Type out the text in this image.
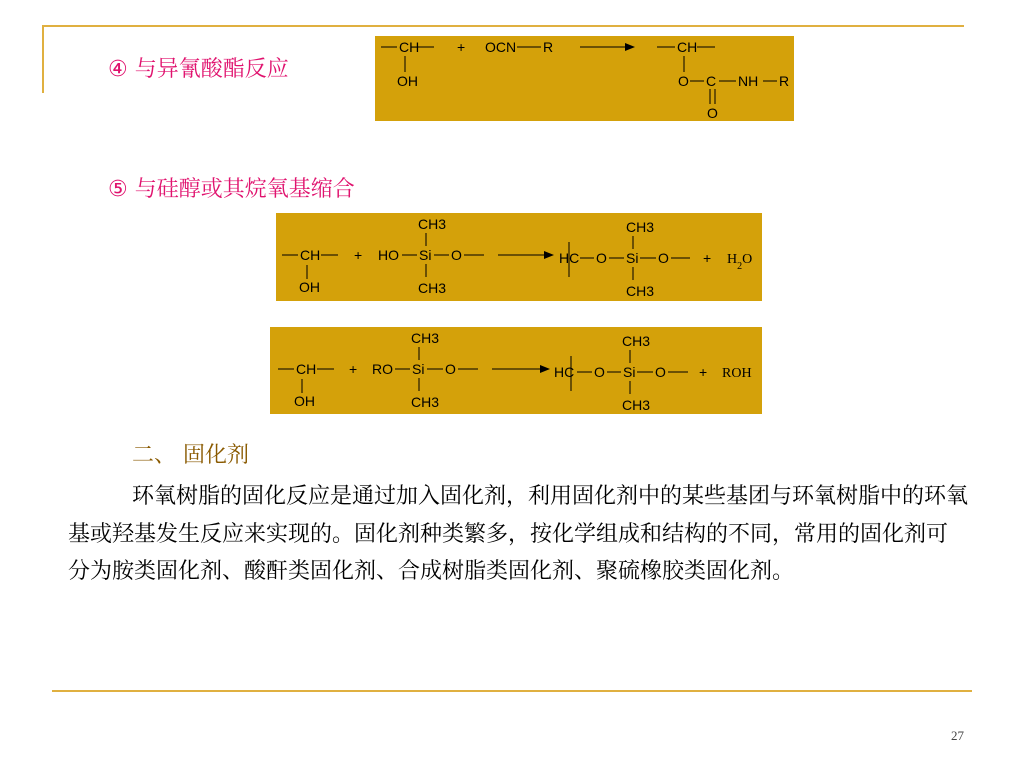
④ 与异氰酸酯反应
CH
OH
+ OCN R	CH
O C NH R
O
⑤ 与硅醇或其烷氧基缩合
CH
OH
+ HO Si O
CH3
CH3
HC O Si O
CH3
CH3
+ $H_2O$
CH
OH
+ RO Si O
CH3
CH3
HC O Si O
CH3
CH3
+ ROH
二、 固化剂

环氧树脂的固化反应是通过加入固化剂，利用固化剂中的某些基团与环氧树脂中的环氧基或羟基发生反应来实现的。固化剂种类繁多，按化学组成和结构的不同，常用的固化剂可分为胺类固化剂、酸酐类固化剂、合成树脂类固化剂、聚硫橡胶类固化剂。

27
